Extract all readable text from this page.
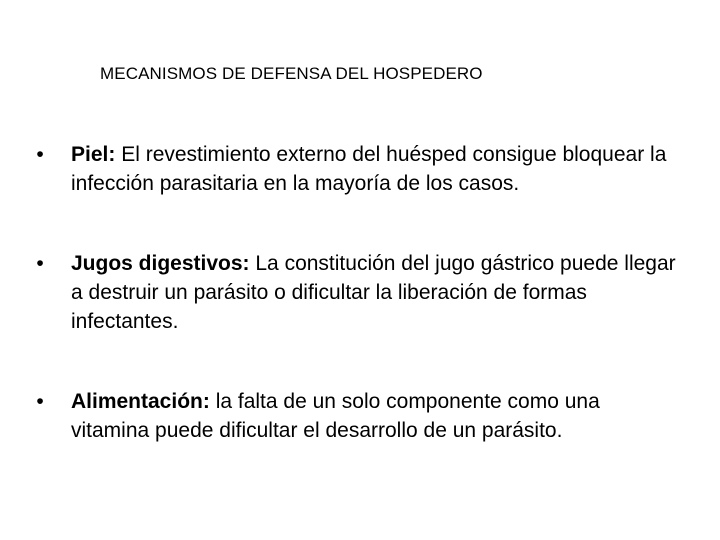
MECANISMOS DE DEFENSA DEL HOSPEDERO
•	Piel: El revestimiento externo del huésped consigue bloquear la infección parasitaria en la mayoría de los casos.
•	Jugos digestivos: La constitución del jugo gástrico puede llegar a destruir un parásito o dificultar la liberación de formas infectantes.
•	Alimentación: la falta de un solo componente como una vitamina puede dificultar el desarrollo de un parásito.
